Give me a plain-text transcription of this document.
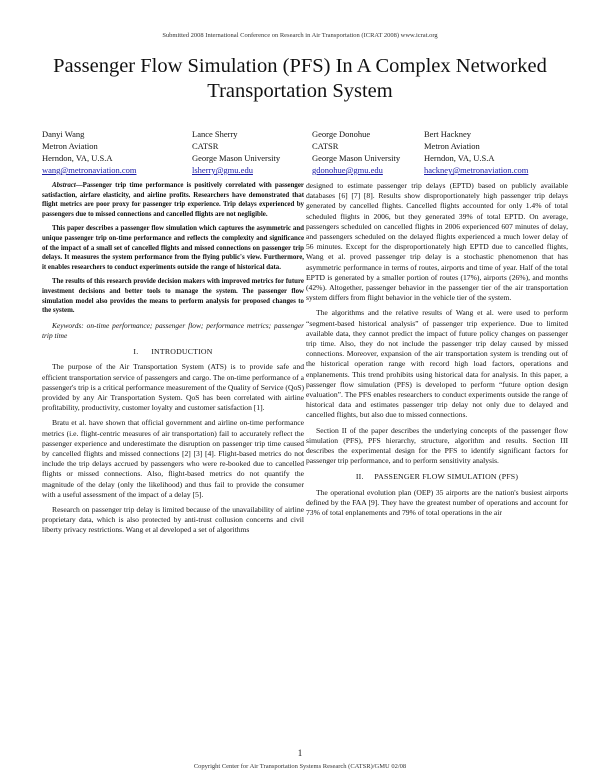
Submitted 2008 International Conference on Research in Air Transportation (ICRAT 2008) www.icrat.org
Passenger Flow Simulation (PFS) In A Complex Networked Transportation System
Danyi Wang
Metron Aviation
Herndon, VA, U.S.A
wang@metronaviation.com
Lance Sherry
CATSR
George Mason University
lsherry@gmu.edu
George Donohue
CATSR
George Mason University
gdonohue@gmu.edu
Bert Hackney
Metron Aviation
Herndon, VA, U.S.A
hackney@metronaviation.com

Abstract—Passenger trip time performance is positively correlated with passenger satisfaction, airfare elasticity, and airline profits. Researchers have demonstrated that flight metrics are poor proxy for passenger trip experience. Trip delays experienced by passengers due to missed connections and cancelled flights are not negligible.

This paper describes a passenger flow simulation which captures the asymmetric and unique passenger trip on-time performance and reflects the complexity and significance of the impact of a small set of cancelled flights and missed connections on passenger trip delays. It measures the system performance from the flying public's view. Furthermore, it enables researchers to conduct experiments outside the range of historical data.

The results of this research provide decision makers with improved metrics for future investment decisions and better tools to manage the system. The passenger flow simulation model also provides the means to perform analysis for proposed changes to the system.

Keywords: on-time performance; passenger flow; performance metrics; passenger trip time

I.      INTRODUCTION

The purpose of the Air Transportation System (ATS) is to provide safe and efficient transportation service of passengers and cargo. The on-time performance of a passenger's trip is a critical performance measurement of the Quality of Service (QoS) provided by any Air Transportation System. QoS has been correlated with airline profitability, productivity, customer loyalty and customer satisfaction [1].

Bratu et al. have shown that official government and airline on-time performance metrics (i.e. flight-centric measures of air transportation) fail to accurately reflect the passenger experience and underestimate the disruption on passenger trip time caused by cancelled flights and missed connections [2] [3] [4]. Flight-based metrics do not include the trip delays accrued by passengers who were re-booked due to cancelled flights or missed connections. Also, flight-based metrics do not quantify the magnitude of the delay (only the likelihood) and thus fail to provide the consumer with a useful assessment of the impact of a delay [5].

Research on passenger trip delay is limited because of the unavailability of airline proprietary data, which is also protected by anti-trust collusion concerns and civil liberty privacy restrictions. Wang et al developed a set of algorithms

designed to estimate passenger trip delays (EPTD) based on publicly available databases [6] [7] [8]. Results show disproportionately high passenger trip delays generated by cancelled flights. Cancelled flights accounted for only 1.4% of total scheduled flights in 2006, but they generated 39% of total EPTD. On average, passengers scheduled on cancelled flights in 2006 experienced 607 minutes of delay, and passengers scheduled on the delayed flights experienced a much lower delay of 56 minutes. Except for the disproportionately high EPTD due to cancelled flights, Wang et al. proved passenger trip delay is a stochastic phenomenon that has asymmetric performance in terms of routes, airports and time of year. Half of the total EPTD is generated by a smaller portion of routes (17%), airports (26%), and months (42%). Altogether, passenger behavior in the passenger tier of the air transportation system differs from flight behavior in the vehicle tier of the system.

The algorithms and the relative results of Wang et al. were used to perform “segment-based historical analysis” of passenger trip experience. Due to limited available data, they cannot predict the impact of future policy changes on passenger trip time. Also, they do not include the passenger trip delay caused by missed connections. Moreover, expansion of the air transportation system is trending out of the historical operation range with record high load factors, operations and enplanements. This trend prohibits using historical data for analysis. In this paper, a passenger flow simulation (PFS) is developed to perform “future option design evaluation”. The PFS enables researchers to conduct experiments outside the range of historical data and estimates passenger trip delay not only due to delayed and cancelled flights, but also due to missed connections.

Section II of the paper describes the underlying concepts of the passenger flow simulation (PFS), PFS hierarchy, structure, algorithm and results. Section III describes the experimental design for the PFS to identify significant factors for passenger trip performance, and to perform sensitivity analysis.

II.     PASSENGER FLOW SIMULATION (PFS)

The operational evolution plan (OEP) 35 airports are the nation's busiest airports defined by the FAA [9]. They have the greatest number of operations and account for 73% of total enplanements and 79% of total operations in the air

1
Copyright Center for Air Transportation Systems Research (CATSR)/GMU 02/08
